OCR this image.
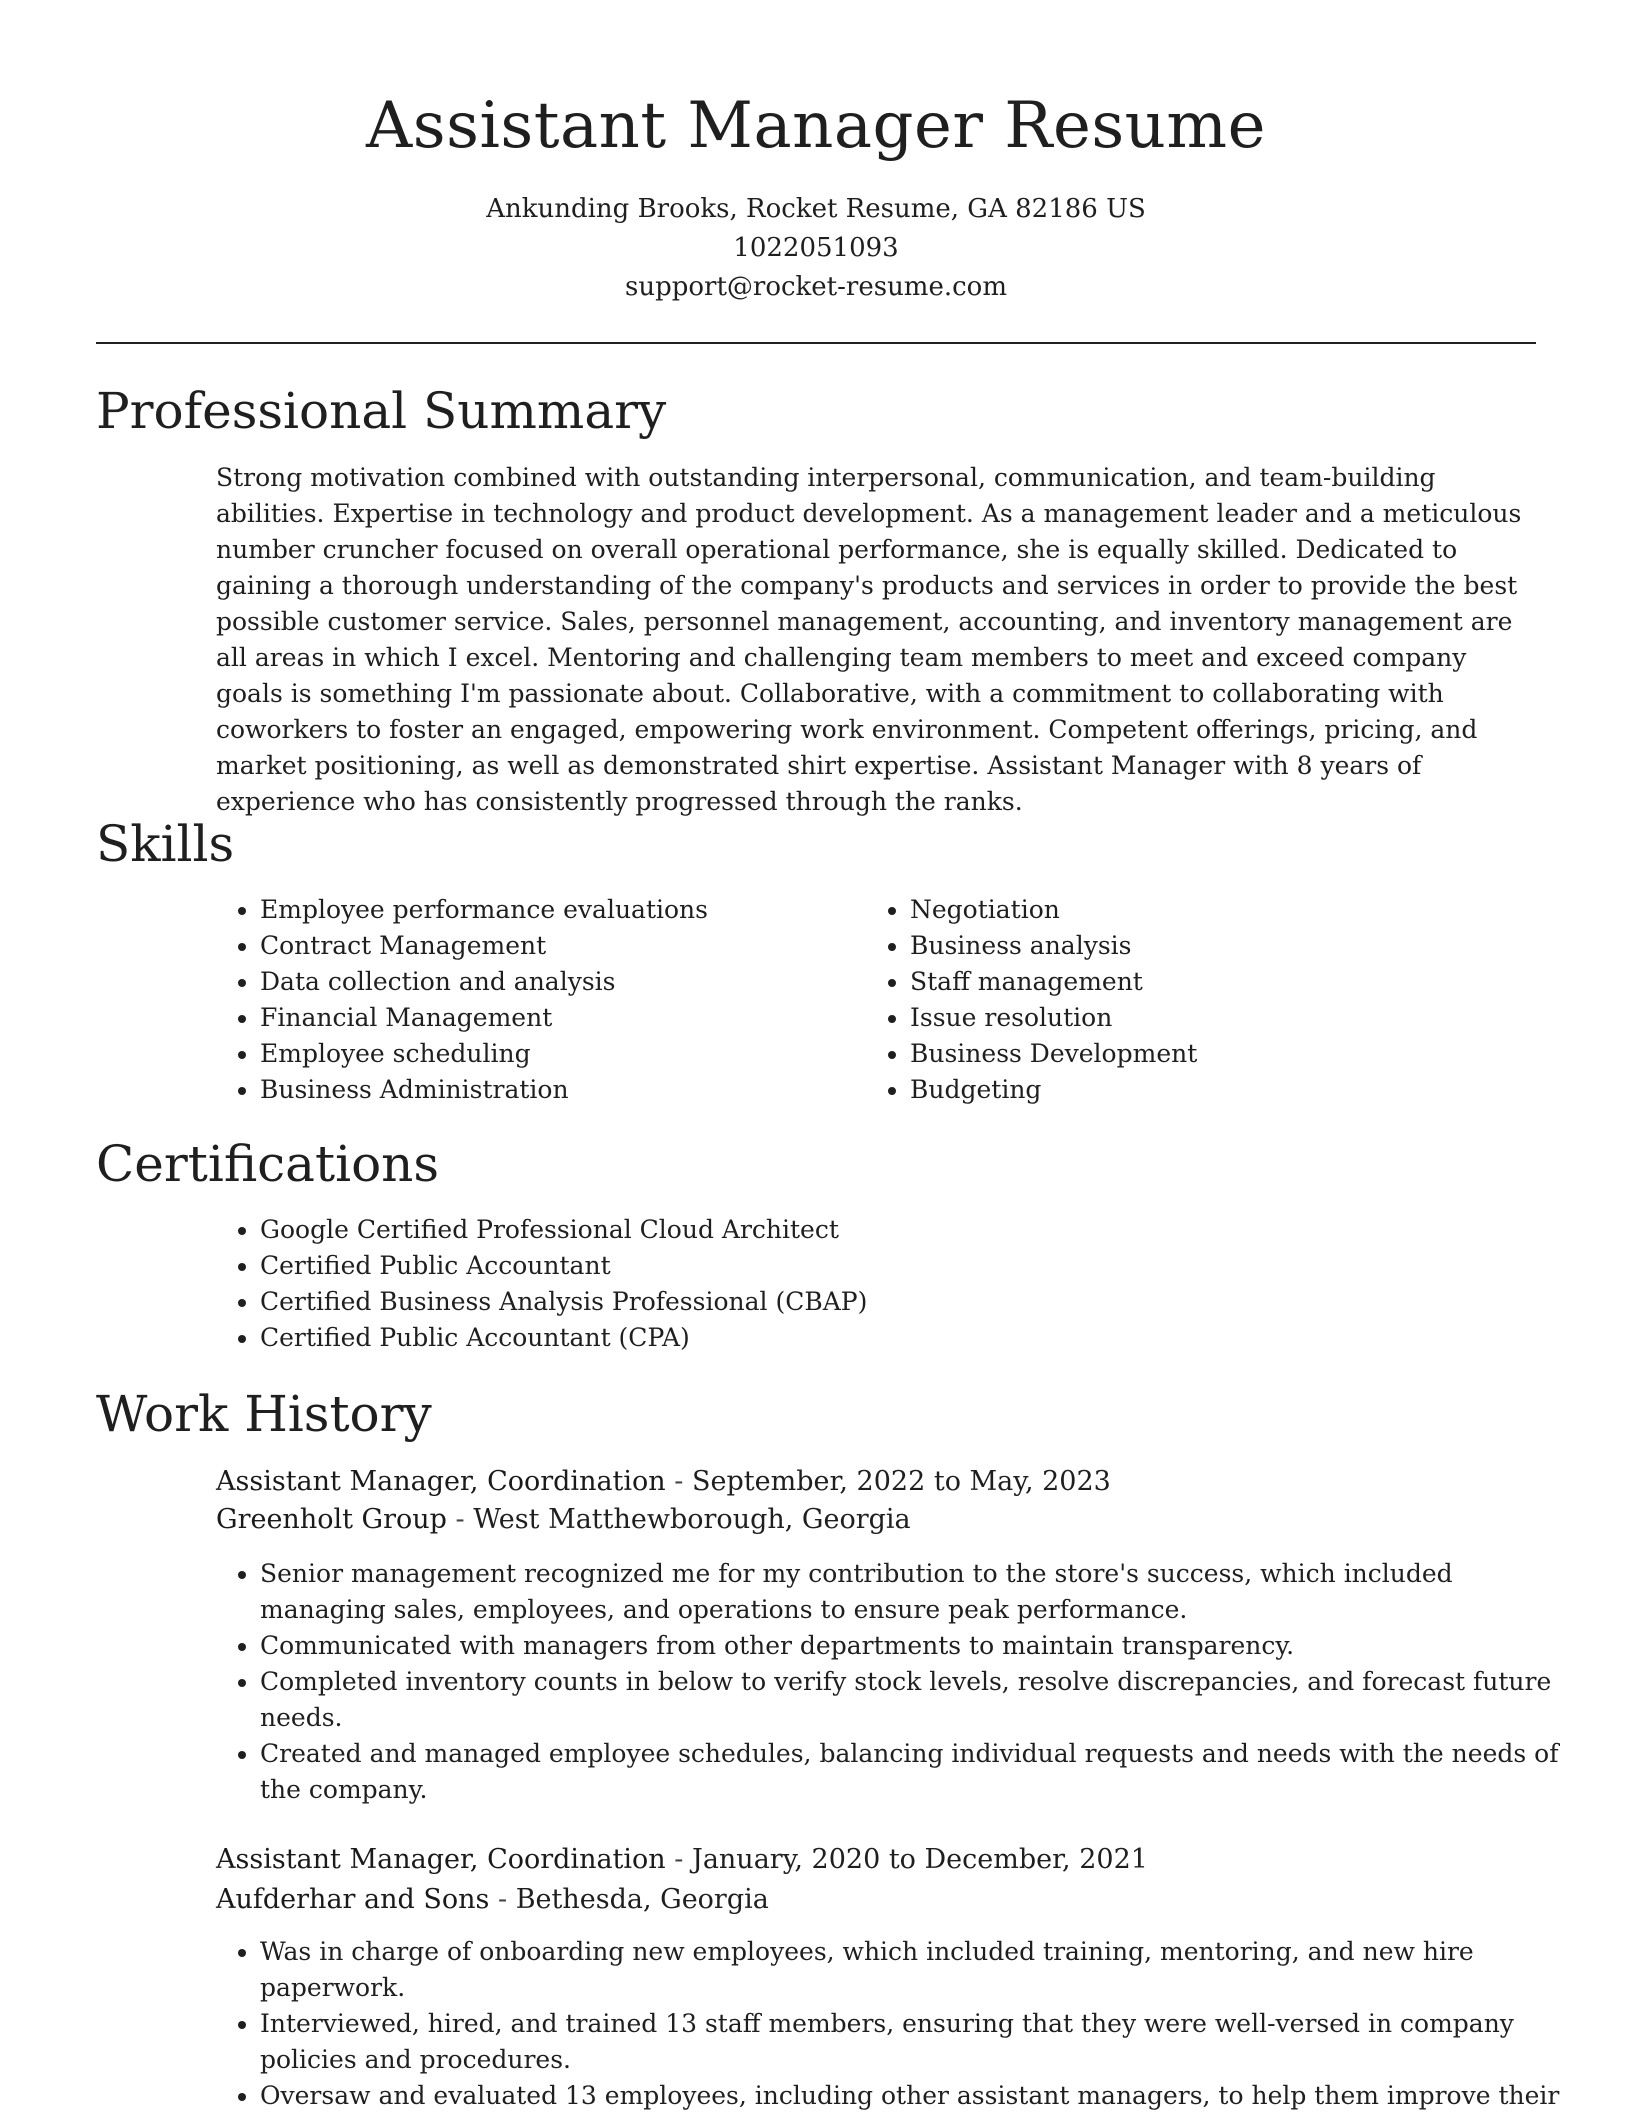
Assistant Manager Resume
Ankunding Brooks, Rocket Resume, GA 82186 US
1022051093
support@rocket-resume.com
Professional Summary

Strong motivation combined with outstanding interpersonal, communication, and team-building abilities. Expertise in technology and product development. As a management leader and a meticulous number cruncher focused on overall operational performance, she is equally skilled. Dedicated to gaining a thorough understanding of the company's products and services in order to provide the best possible customer service. Sales, personnel management, accounting, and inventory management are all areas in which I excel. Mentoring and challenging team members to meet and exceed company goals is something I'm passionate about. Collaborative, with a commitment to collaborating with coworkers to foster an engaged, empowering work environment. Competent offerings, pricing, and market positioning, as well as demonstrated shirt expertise. Assistant Manager with 8 years of experience who has consistently progressed through the ranks.

Skills
• Employee performance evaluations
• Contract Management
• Data collection and analysis
• Financial Management
• Employee scheduling
• Business Administration
• Negotiation
• Business analysis
• Staff management
• Issue resolution
• Business Development
• Budgeting
Certifications
• Google Certified Professional Cloud Architect
• Certified Public Accountant
• Certified Business Analysis Professional (CBAP)
• Certified Public Accountant (CPA)
Work History
Assistant Manager, Coordination - September, 2022 to May, 2023
Greenholt Group - West Matthewborough, Georgia
• Senior management recognized me for my contribution to the store's success, which included managing sales, employees, and operations to ensure peak performance.
• Communicated with managers from other departments to maintain transparency.
• Completed inventory counts in below to verify stock levels, resolve discrepancies, and forecast future needs.
• Created and managed employee schedules, balancing individual requests and needs with the needs of the company.
Assistant Manager, Coordination - January, 2020 to December, 2021
Aufderhar and Sons - Bethesda, Georgia
• Was in charge of onboarding new employees, which included training, mentoring, and new hire paperwork.
• Interviewed, hired, and trained 13 staff members, ensuring that they were well-versed in company policies and procedures.
• Oversaw and evaluated 13 employees, including other assistant managers, to help them improve their
